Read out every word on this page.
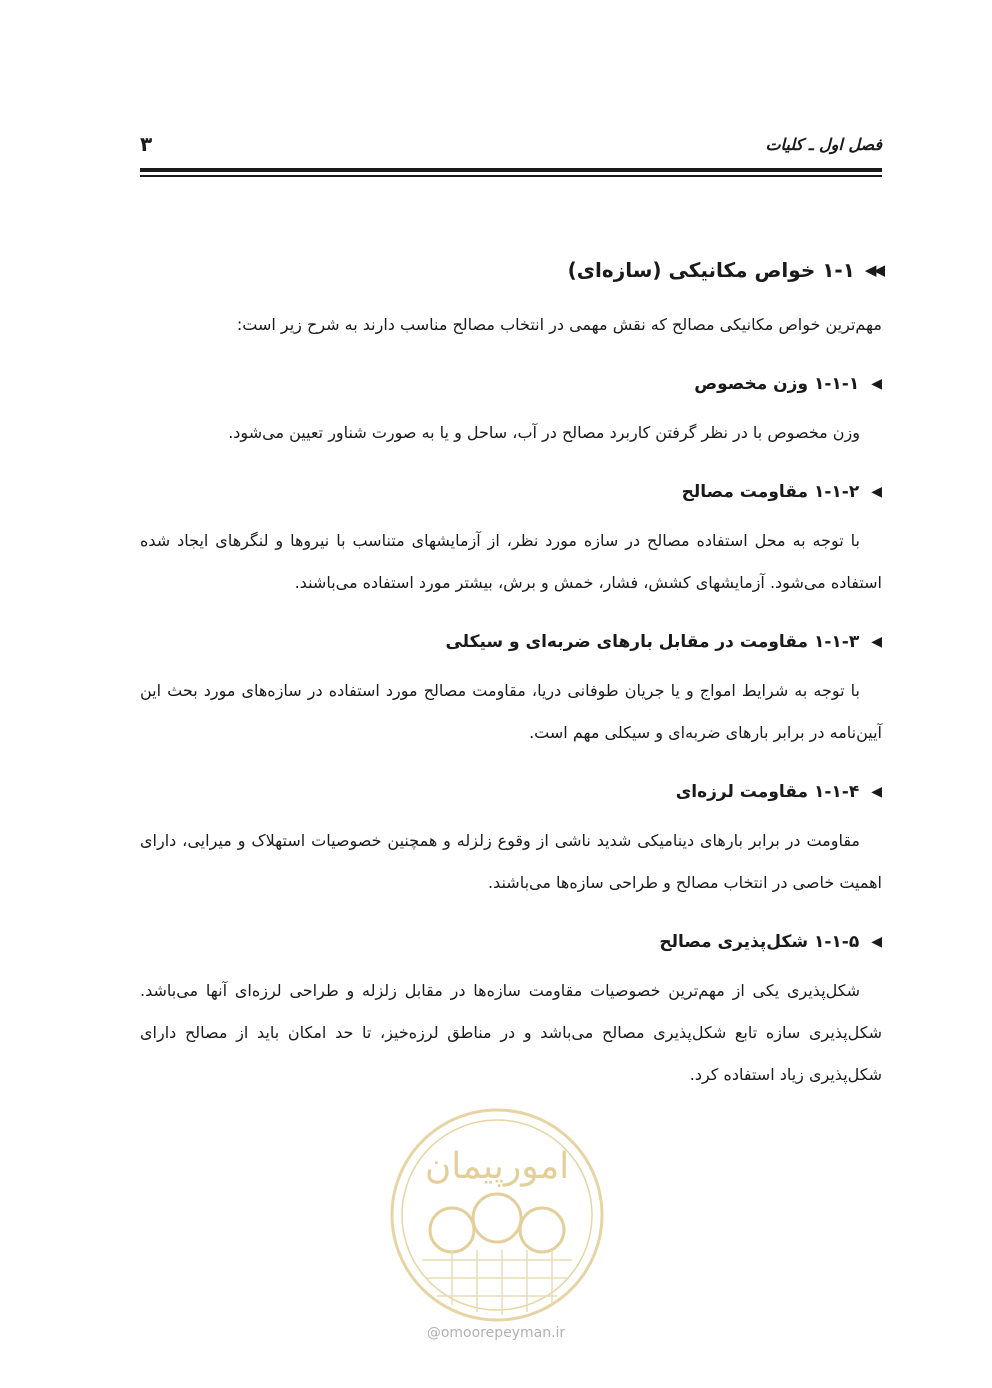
۳	فصل اول ـ کلیات
◀◀
۱-۱ خواص مکانیکی (سازه‌ای)

مهم‌ترین خواص مکانیکی مصالح که نقش مهمی در انتخاب مصالح مناسب دارند به شرح زیر است:

◀
۱-۱-۱ وزن مخصوص

وزن مخصوص با در نظر گرفتن کاربرد مصالح در آب، ساحل و یا به صورت شناور تعیین می‌شود.

◀
۱-۱-۲ مقاومت مصالح

با توجه به محل استفاده مصالح در سازه مورد نظر، از آزمایشهای متناسب با نیروها و لنگرهای ایجاد شده استفاده می‌شود. آزمایشهای کشش، فشار، خمش و برش، بیشتر مورد استفاده می‌باشند.

◀
۱-۱-۳ مقاومت در مقابل بارهای ضربه‌ای و سیکلی

با توجه به شرایط امواج و یا جریان طوفانی دریا، مقاومت مصالح مورد استفاده در سازه‌های مورد بحث این آیین‌نامه در برابر بارهای ضربه‌ای و سیکلی مهم است.

◀
۱-۱-۴ مقاومت لرزه‌ای

مقاومت در برابر بارهای دینامیکی شدید ناشی از وقوع زلزله و همچنین خصوصیات استهلاک و میرایی، دارای اهمیت خاصی در انتخاب مصالح و طراحی سازه‌ها می‌باشند.

◀
۱-۱-۵ شکل‌پذیری مصالح

شکل‌پذیری یکی از مهم‌ترین خصوصیات مقاومت سازه‌ها در مقابل زلزله و طراحی لرزه‌ای آنها می‌باشد. شکل‌پذیری سازه تابع شکل‌پذیری مصالح می‌باشد و در مناطق لرزه‌خیز، تا حد امکان باید از مصالح دارای شکل‌پذیری زیاد استفاده کرد.

امورپیمان
@omoorepeyman.ir
